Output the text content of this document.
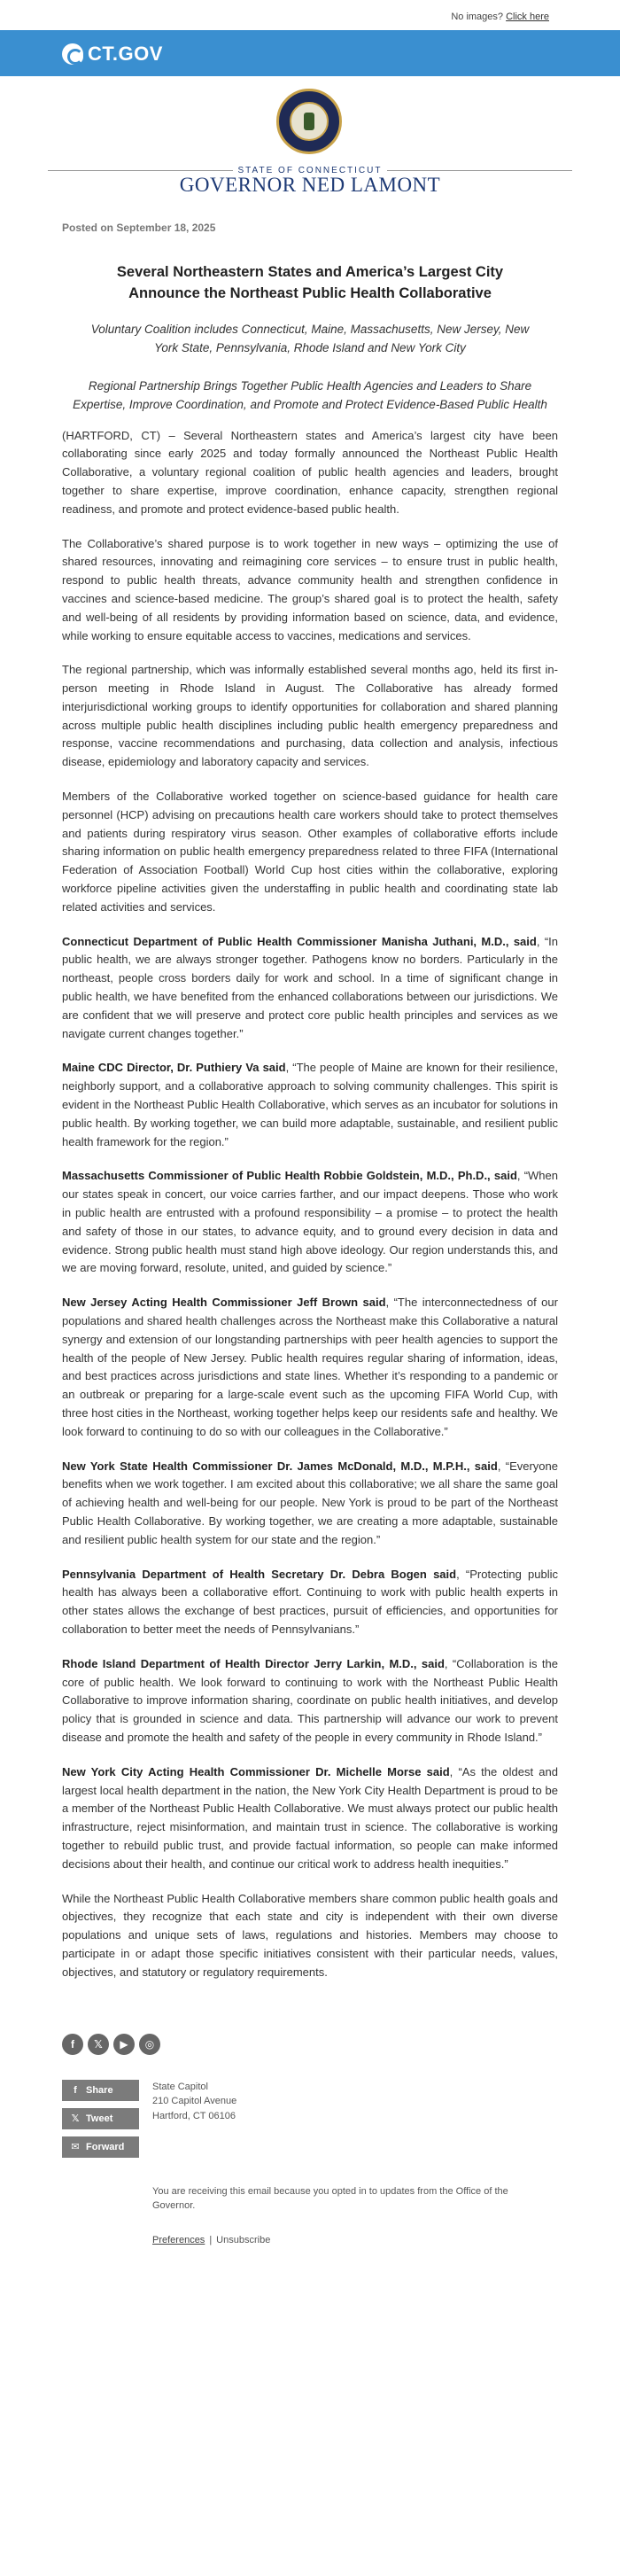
No images? Click here
CT.GOV
STATE OF CONNECTICUT
GOVERNOR NED LAMONT
Posted on September 18, 2025
Several Northeastern States and America’s Largest City Announce the Northeast Public Health Collaborative

Voluntary Coalition includes Connecticut, Maine, Massachusetts, New Jersey, New York State, Pennsylvania, Rhode Island and New York City

Regional Partnership Brings Together Public Health Agencies and Leaders to Share Expertise, Improve Coordination, and Promote and Protect Evidence-Based Public Health

(HARTFORD, CT) – Several Northeastern states and America’s largest city have been collaborating since early 2025 and today formally announced the Northeast Public Health Collaborative, a voluntary regional coalition of public health agencies and leaders, brought together to share expertise, improve coordination, enhance capacity, strengthen regional readiness, and promote and protect evidence-based public health.

The Collaborative’s shared purpose is to work together in new ways – optimizing the use of shared resources, innovating and reimagining core services – to ensure trust in public health, respond to public health threats, advance community health and strengthen confidence in vaccines and science-based medicine. The group’s shared goal is to protect the health, safety and well-being of all residents by providing information based on science, data, and evidence, while working to ensure equitable access to vaccines, medications and services.

The regional partnership, which was informally established several months ago, held its first in-person meeting in Rhode Island in August. The Collaborative has already formed interjurisdictional working groups to identify opportunities for collaboration and shared planning across multiple public health disciplines including public health emergency preparedness and response, vaccine recommendations and purchasing, data collection and analysis, infectious disease, epidemiology and laboratory capacity and services.

Members of the Collaborative worked together on science-based guidance for health care personnel (HCP) advising on precautions health care workers should take to protect themselves and patients during respiratory virus season. Other examples of collaborative efforts include sharing information on public health emergency preparedness related to three FIFA (International Federation of Association Football) World Cup host cities within the collaborative, exploring workforce pipeline activities given the understaffing in public health and coordinating state lab related activities and services.

Connecticut Department of Public Health Commissioner Manisha Juthani, M.D., said, “In public health, we are always stronger together. Pathogens know no borders. Particularly in the northeast, people cross borders daily for work and school. In a time of significant change in public health, we have benefited from the enhanced collaborations between our jurisdictions. We are confident that we will preserve and protect core public health principles and services as we navigate current changes together.”

Maine CDC Director, Dr. Puthiery Va said, “The people of Maine are known for their resilience, neighborly support, and a collaborative approach to solving community challenges. This spirit is evident in the Northeast Public Health Collaborative, which serves as an incubator for solutions in public health. By working together, we can build more adaptable, sustainable, and resilient public health framework for the region.”

Massachusetts Commissioner of Public Health Robbie Goldstein, M.D., Ph.D., said, “When our states speak in concert, our voice carries farther, and our impact deepens. Those who work in public health are entrusted with a profound responsibility – a promise – to protect the health and safety of those in our states, to advance equity, and to ground every decision in data and evidence. Strong public health must stand high above ideology. Our region understands this, and we are moving forward, resolute, united, and guided by science.”

New Jersey Acting Health Commissioner Jeff Brown said, “The interconnectedness of our populations and shared health challenges across the Northeast make this Collaborative a natural synergy and extension of our longstanding partnerships with peer health agencies to support the health of the people of New Jersey. Public health requires regular sharing of information, ideas, and best practices across jurisdictions and state lines. Whether it’s responding to a pandemic or an outbreak or preparing for a large-scale event such as the upcoming FIFA World Cup, with three host cities in the Northeast, working together helps keep our residents safe and healthy. We look forward to continuing to do so with our colleagues in the Collaborative.”

New York State Health Commissioner Dr. James McDonald, M.D., M.P.H., said, “Everyone benefits when we work together. I am excited about this collaborative; we all share the same goal of achieving health and well-being for our people. New York is proud to be part of the Northeast Public Health Collaborative. By working together, we are creating a more adaptable, sustainable and resilient public health system for our state and the region.”

Pennsylvania Department of Health Secretary Dr. Debra Bogen said, “Protecting public health has always been a collaborative effort. Continuing to work with public health experts in other states allows the exchange of best practices, pursuit of efficiencies, and opportunities for collaboration to better meet the needs of Pennsylvanians.”

Rhode Island Department of Health Director Jerry Larkin, M.D., said, “Collaboration is the core of public health. We look forward to continuing to work with the Northeast Public Health Collaborative to improve information sharing, coordinate on public health initiatives, and develop policy that is grounded in science and data. This partnership will advance our work to prevent disease and promote the health and safety of the people in every community in Rhode Island.”

New York City Acting Health Commissioner Dr. Michelle Morse said, “As the oldest and largest local health department in the nation, the New York City Health Department is proud to be a member of the Northeast Public Health Collaborative. We must always protect our public health infrastructure, reject misinformation, and maintain trust in science. The collaborative is working together to rebuild public trust, and provide factual information, so people can make informed decisions about their health, and continue our critical work to address health inequities.”

While the Northeast Public Health Collaborative members share common public health goals and objectives, they recognize that each state and city is independent with their own diverse populations and unique sets of laws, regulations and histories. Members may choose to participate in or adapt those specific initiatives consistent with their particular needs, values, objectives, and statutory or regulatory requirements.

f	𝕏	▶	◎
f Share
𝕏 Tweet
✉ Forward
State Capitol
210 Capitol Avenue
Hartford, CT 06106
You are receiving this email because you opted in to updates from the Office of the Governor.
Preferences | Unsubscribe
